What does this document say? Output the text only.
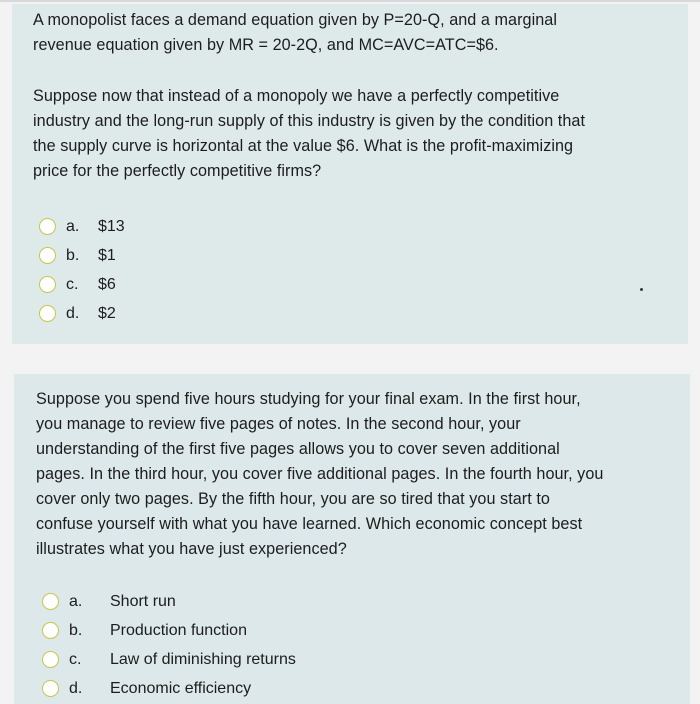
A monopolist faces a demand equation given by P=20-Q, and a marginal

revenue equation given by MR = 20-2Q, and MC=AVC=ATC=$6.

Suppose now that instead of a monopoly we have a perfectly competitive

industry and the long-run supply of this industry is given by the condition that

the supply curve is horizontal at the value $6. What is the profit-maximizing

price for the perfectly competitive firms?

a.	$13
b.	$1
c.	$6
d.	$2

Suppose you spend five hours studying for your final exam. In the first hour,

you manage to review five pages of notes. In the second hour, your

understanding of the first five pages allows you to cover seven additional

pages. In the third hour, you cover five additional pages. In the fourth hour, you

cover only two pages. By the fifth hour, you are so tired that you start to

confuse yourself with what you have learned. Which economic concept best

illustrates what you have just experienced?

a.	Short run
b.	Production function
c.	Law of diminishing returns
d.	Economic efficiency
